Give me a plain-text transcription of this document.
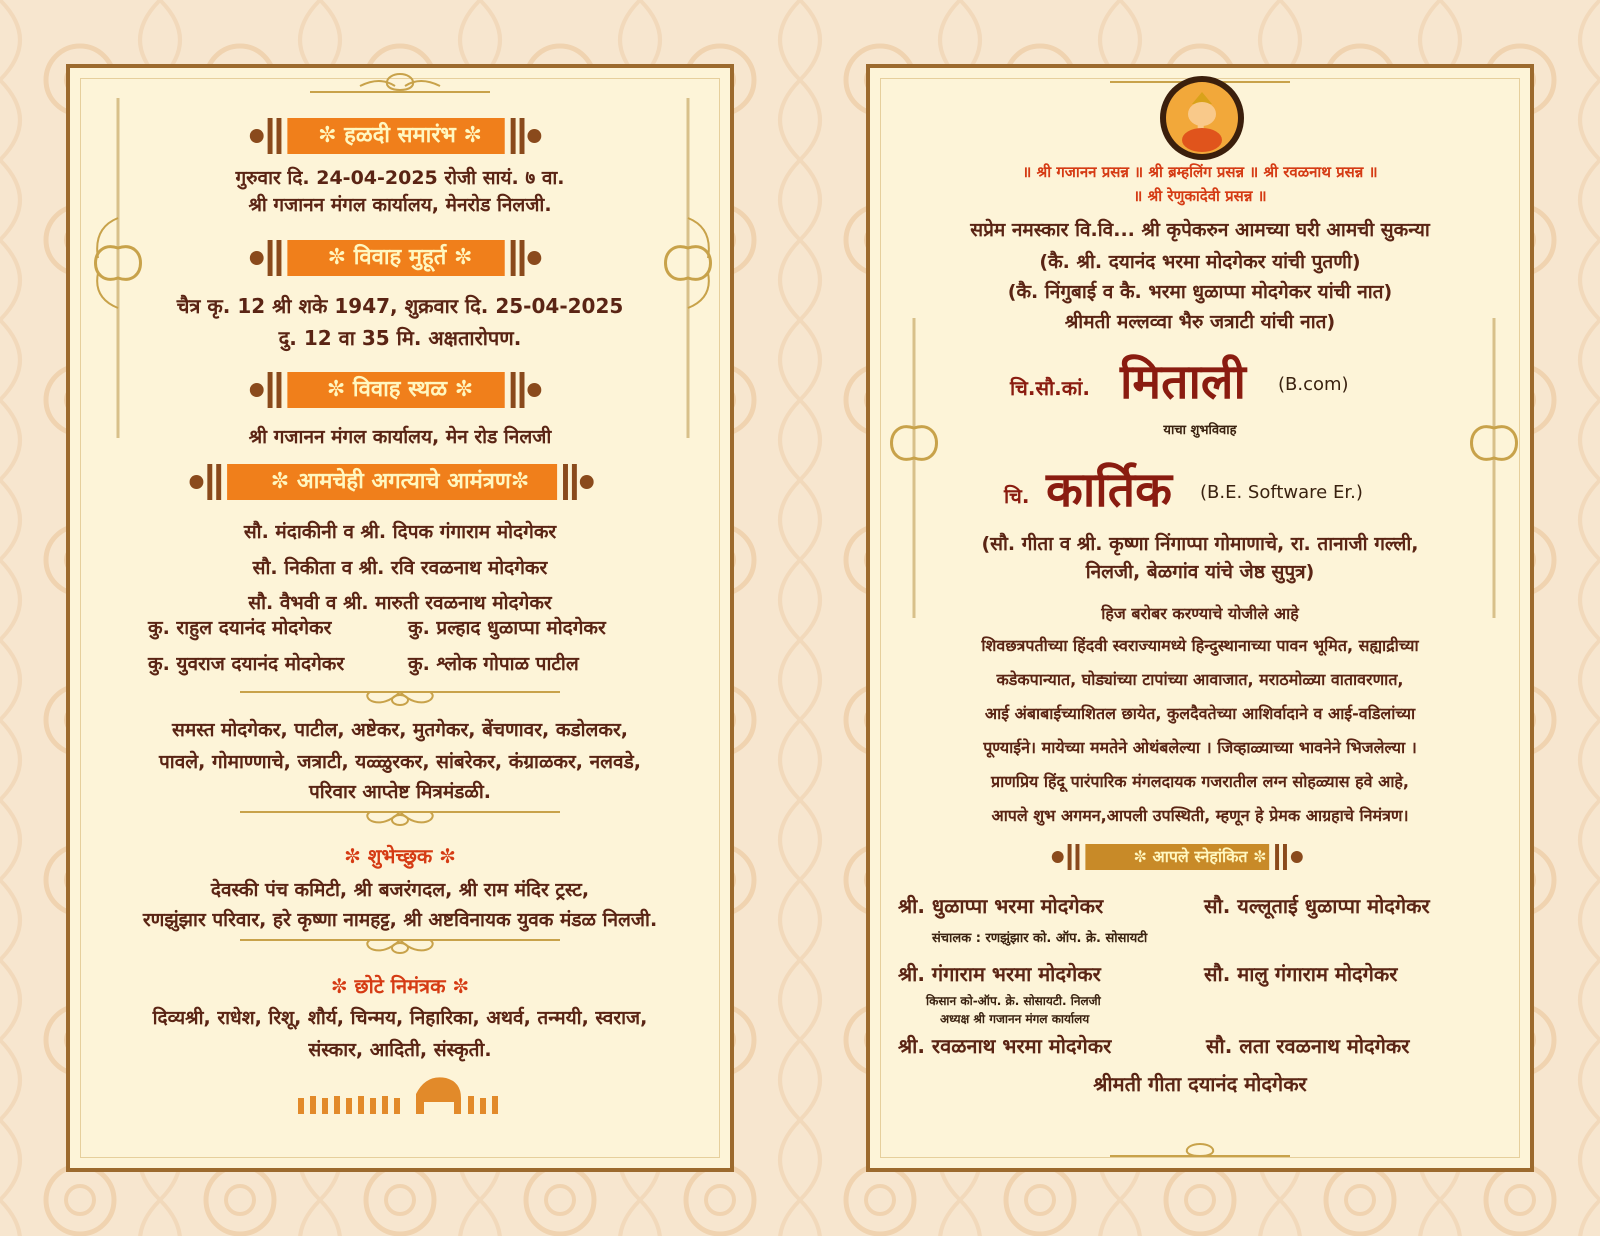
✼ हळदी समारंभ ✼
गुरुवार दि. 24-04-2025 रोजी सायं. ७ वा.
श्री गजानन मंगल कार्यालय, मेनरोड निलजी.
✼ विवाह मुहूर्त ✼
चैत्र कृ. 12 श्री शके 1947, शुक्रवार दि. 25-04-2025
दु. 12 वा 35 मि. अक्षतारोपण.
✼ विवाह स्थळ ✼
श्री गजानन मंगल कार्यालय, मेन रोड निलजी
✼ आमचेही अगत्याचे आमंत्रण✼
सौ. मंदाकीनी व श्री. दिपक गंगाराम मोदगेकर
सौ. निकीता व श्री. रवि रवळनाथ मोदगेकर
सौ. वैभवी व श्री. मारुती रवळनाथ मोदगेकर
कु. राहुल दयानंद मोदगेकर	कु. प्रल्हाद धुळाप्पा मोदगेकर
कु. युवराज दयानंद मोदगेकर	कु. श्लोक गोपाळ पाटील
समस्त मोदगेकर, पाटील, अष्टेकर, मुतगेकर, बेंचणावर, कडोलकर,
पावले, गोमाण्णाचे, जत्राटी, यळ्ळुरकर, सांबरेकर, कंग्राळकर, नलवडे,
परिवार आप्तेष्ट मित्रमंडळी.
✼ शुभेच्छुक ✼
देवस्की पंच कमिटी, श्री बजरंगदल, श्री राम मंदिर ट्रस्ट,
रणझुंझार परिवार, हरे कृष्णा नामहट्ट, श्री अष्टविनायक युवक मंडळ निलजी.
✼ छोटे निमंत्रक ✼
दिव्यश्री, राधेश, रिशू, शौर्य, चिन्मय, निहारिका, अथर्व, तन्मयी, स्वराज,
संस्कार, आदिती, संस्कृती.
॥ श्री गजानन प्रसन्न ॥ श्री ब्रम्हलिंग प्रसन्न ॥ श्री रवळनाथ प्रसन्न ॥
॥ श्री रेणुकादेवी प्रसन्न ॥
सप्रेम नमस्कार वि.वि... श्री कृपेकरुन आमच्या घरी आमची सुकन्या
(कै. श्री. दयानंद भरमा मोदगेकर यांची पुतणी)
(कै. निंगुबाई व कै. भरमा धुळाप्पा मोदगेकर यांची नात)
श्रीमती मल्लव्वा भैरु जत्राटी यांची नात)
चि.सौ.कां. मिताली (B.com)
याचा शुभविवाह
चि. कार्तिक (B.E. Software Er.)
(सौ. गीता व श्री. कृष्णा निंगाप्पा गोमाणाचे, रा. तानाजी गल्ली,
निलजी, बेळगांव यांचे जेष्ठ सुपुत्र)
हिज बरोबर करण्याचे योजीले आहे
शिवछत्रपतीच्या हिंदवी स्वराज्यामध्ये हिन्दुस्थानाच्या पावन भूमित, सह्याद्रीच्या
कडेकपान्यात, घोड्यांच्या टापांच्या आवाजात, मराठमोळ्या वातावरणात,
आई अंबाबाईच्याशितल छायेत, कुलदैवतेच्या आशिर्वादाने व आई-वडिलांच्या
पूण्याईने। मायेच्या ममतेने ओथंबलेल्या । जिव्हाळ्याच्या भावनेने भिजलेल्या ।
प्राणप्रिय हिंदू पारंपारिक मंगलदायक गजरातील लग्न सोहळ्यास हवे आहे,
आपले शुभ अगमन,आपली उपस्थिती, म्हणून हे प्रेमक आग्रहाचे निमंत्रण।
✼ आपले स्नेहांकित ✼
श्री. धुळाप्पा भरमा मोदगेकर	सौ. यल्लूताई धुळाप्पा मोदगेकर
संचालक : रणझुंझार को. ऑप. क्रे. सोसायटी
श्री. गंगाराम भरमा मोदगेकर	सौ. मालु गंगाराम मोदगेकर
किसान को-ऑप. क्रे. सोसायटी. निलजी
अध्यक्ष श्री गजानन मंगल कार्यालय
श्री. रवळनाथ भरमा मोदगेकर	सौ. लता रवळनाथ मोदगेकर
श्रीमती गीता दयानंद मोदगेकर
